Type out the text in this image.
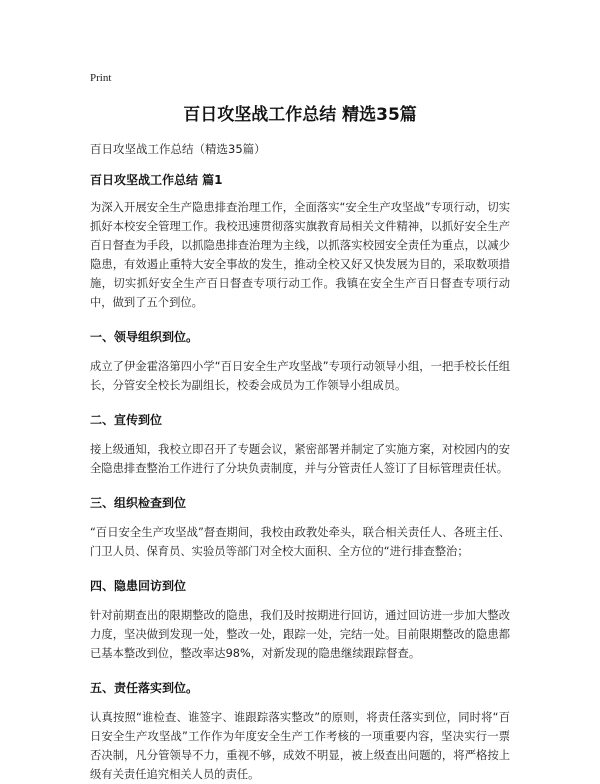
Print
百日攻坚战工作总结 精选35篇

百日攻坚战工作总结（精选35篇）

百日攻坚战工作总结 篇1

为深入开展安全生产隐患排查治理工作，全面落实“安全生产攻坚战”专项行动，切实抓好本校安全管理工作。我校迅速贯彻落实旗教育局相关文件精神，以抓好安全生产百日督查为手段，以抓隐患排查治理为主线，以抓落实校园安全责任为重点，以减少隐患，有效遏止重特大安全事故的发生，推动全校又好又快发展为目的，采取数项措施，切实抓好安全生产百日督查专项行动工作。我镇在安全生产百日督查专项行动中，做到了五个到位。

一、领导组织到位。

成立了伊金霍洛第四小学“百日安全生产攻坚战”专项行动领导小组，一把手校长任组长，分管安全校长为副组长，校委会成员为工作领导小组成员。

二、宣传到位

接上级通知，我校立即召开了专题会议，紧密部署并制定了实施方案，对校园内的安全隐患排查整治工作进行了分块负责制度，并与分管责任人签订了目标管理责任状。

三、组织检查到位

“百日安全生产攻坚战”督查期间，我校由政教处牵头，联合相关责任人、各班主任、门卫人员、保育员、实验员等部门对全校大面积、全方位的“进行排查整治；

四、隐患回访到位

针对前期查出的限期整改的隐患，我们及时按期进行回访，通过回访进一步加大整改力度，坚决做到发现一处，整改一处，跟踪一处，完结一处。目前限期整改的隐患都已基本整改到位，整改率达98%，对新发现的隐患继续跟踪督查。

五、责任落实到位。

认真按照“谁检查、谁签字、谁跟踪落实整改”的原则，将责任落实到位，同时将“百日安全生产攻坚战”工作作为年度安全生产工作考核的一项重要内容，坚决实行一票否决制，凡分管领导不力，重视不够，成效不明显，被上级查出问题的，将严格按上级有关责任追究相关人员的责任。
